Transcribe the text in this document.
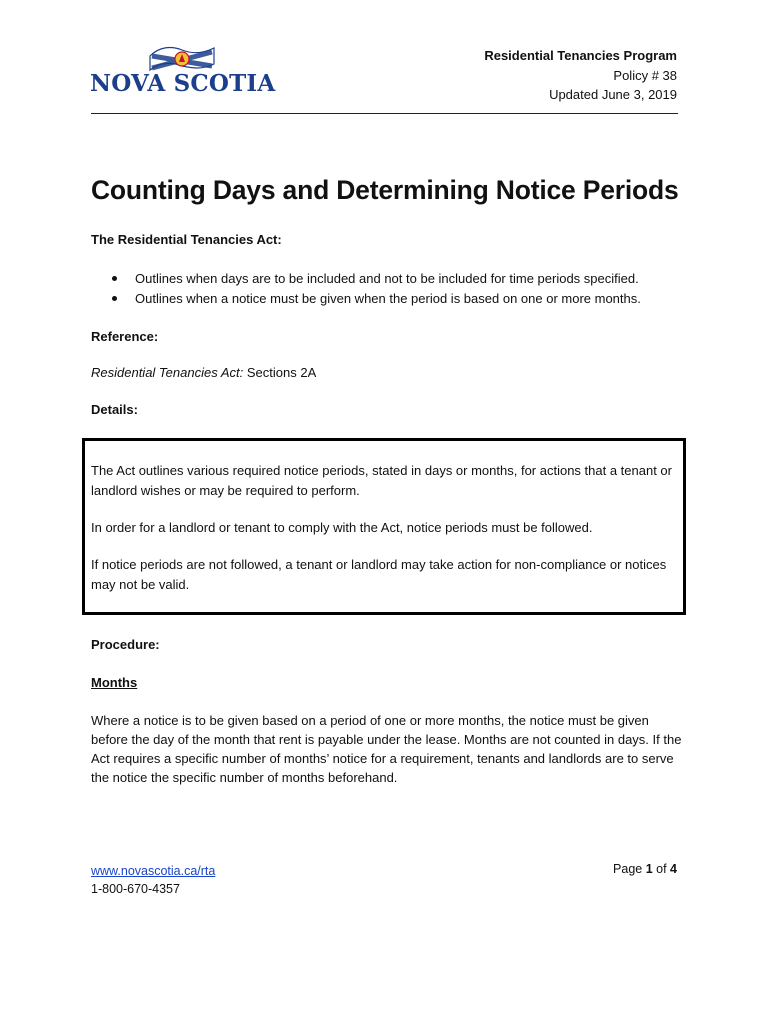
NOVA SCOTIA
Residential Tenancies Program
Policy # 38
Updated June 3, 2019
Counting Days and Determining Notice Periods
The Residential Tenancies Act:
Outlines when days are to be included and not to be included for time periods specified.
Outlines when a notice must be given when the period is based on one or more months.
Reference:
Residential Tenancies Act: Sections 2A
Details:

The Act outlines various required notice periods, stated in days or months, for actions that a tenant or landlord wishes or may be required to perform.

In order for a landlord or tenant to comply with the Act, notice periods must be followed.

If notice periods are not followed, a tenant or landlord may take action for non-compliance or notices may not be valid.

Procedure:
Months
Where a notice is to be given based on a period of one or more months, the notice must be given before the day of the month that rent is payable under the lease. Months are not counted in days. If the Act requires a specific number of months’ notice for a requirement, tenants and landlords are to serve the notice the specific number of months beforehand.
www.novascotia.ca/rta
1-800-670-4357
Page 1 of 4
